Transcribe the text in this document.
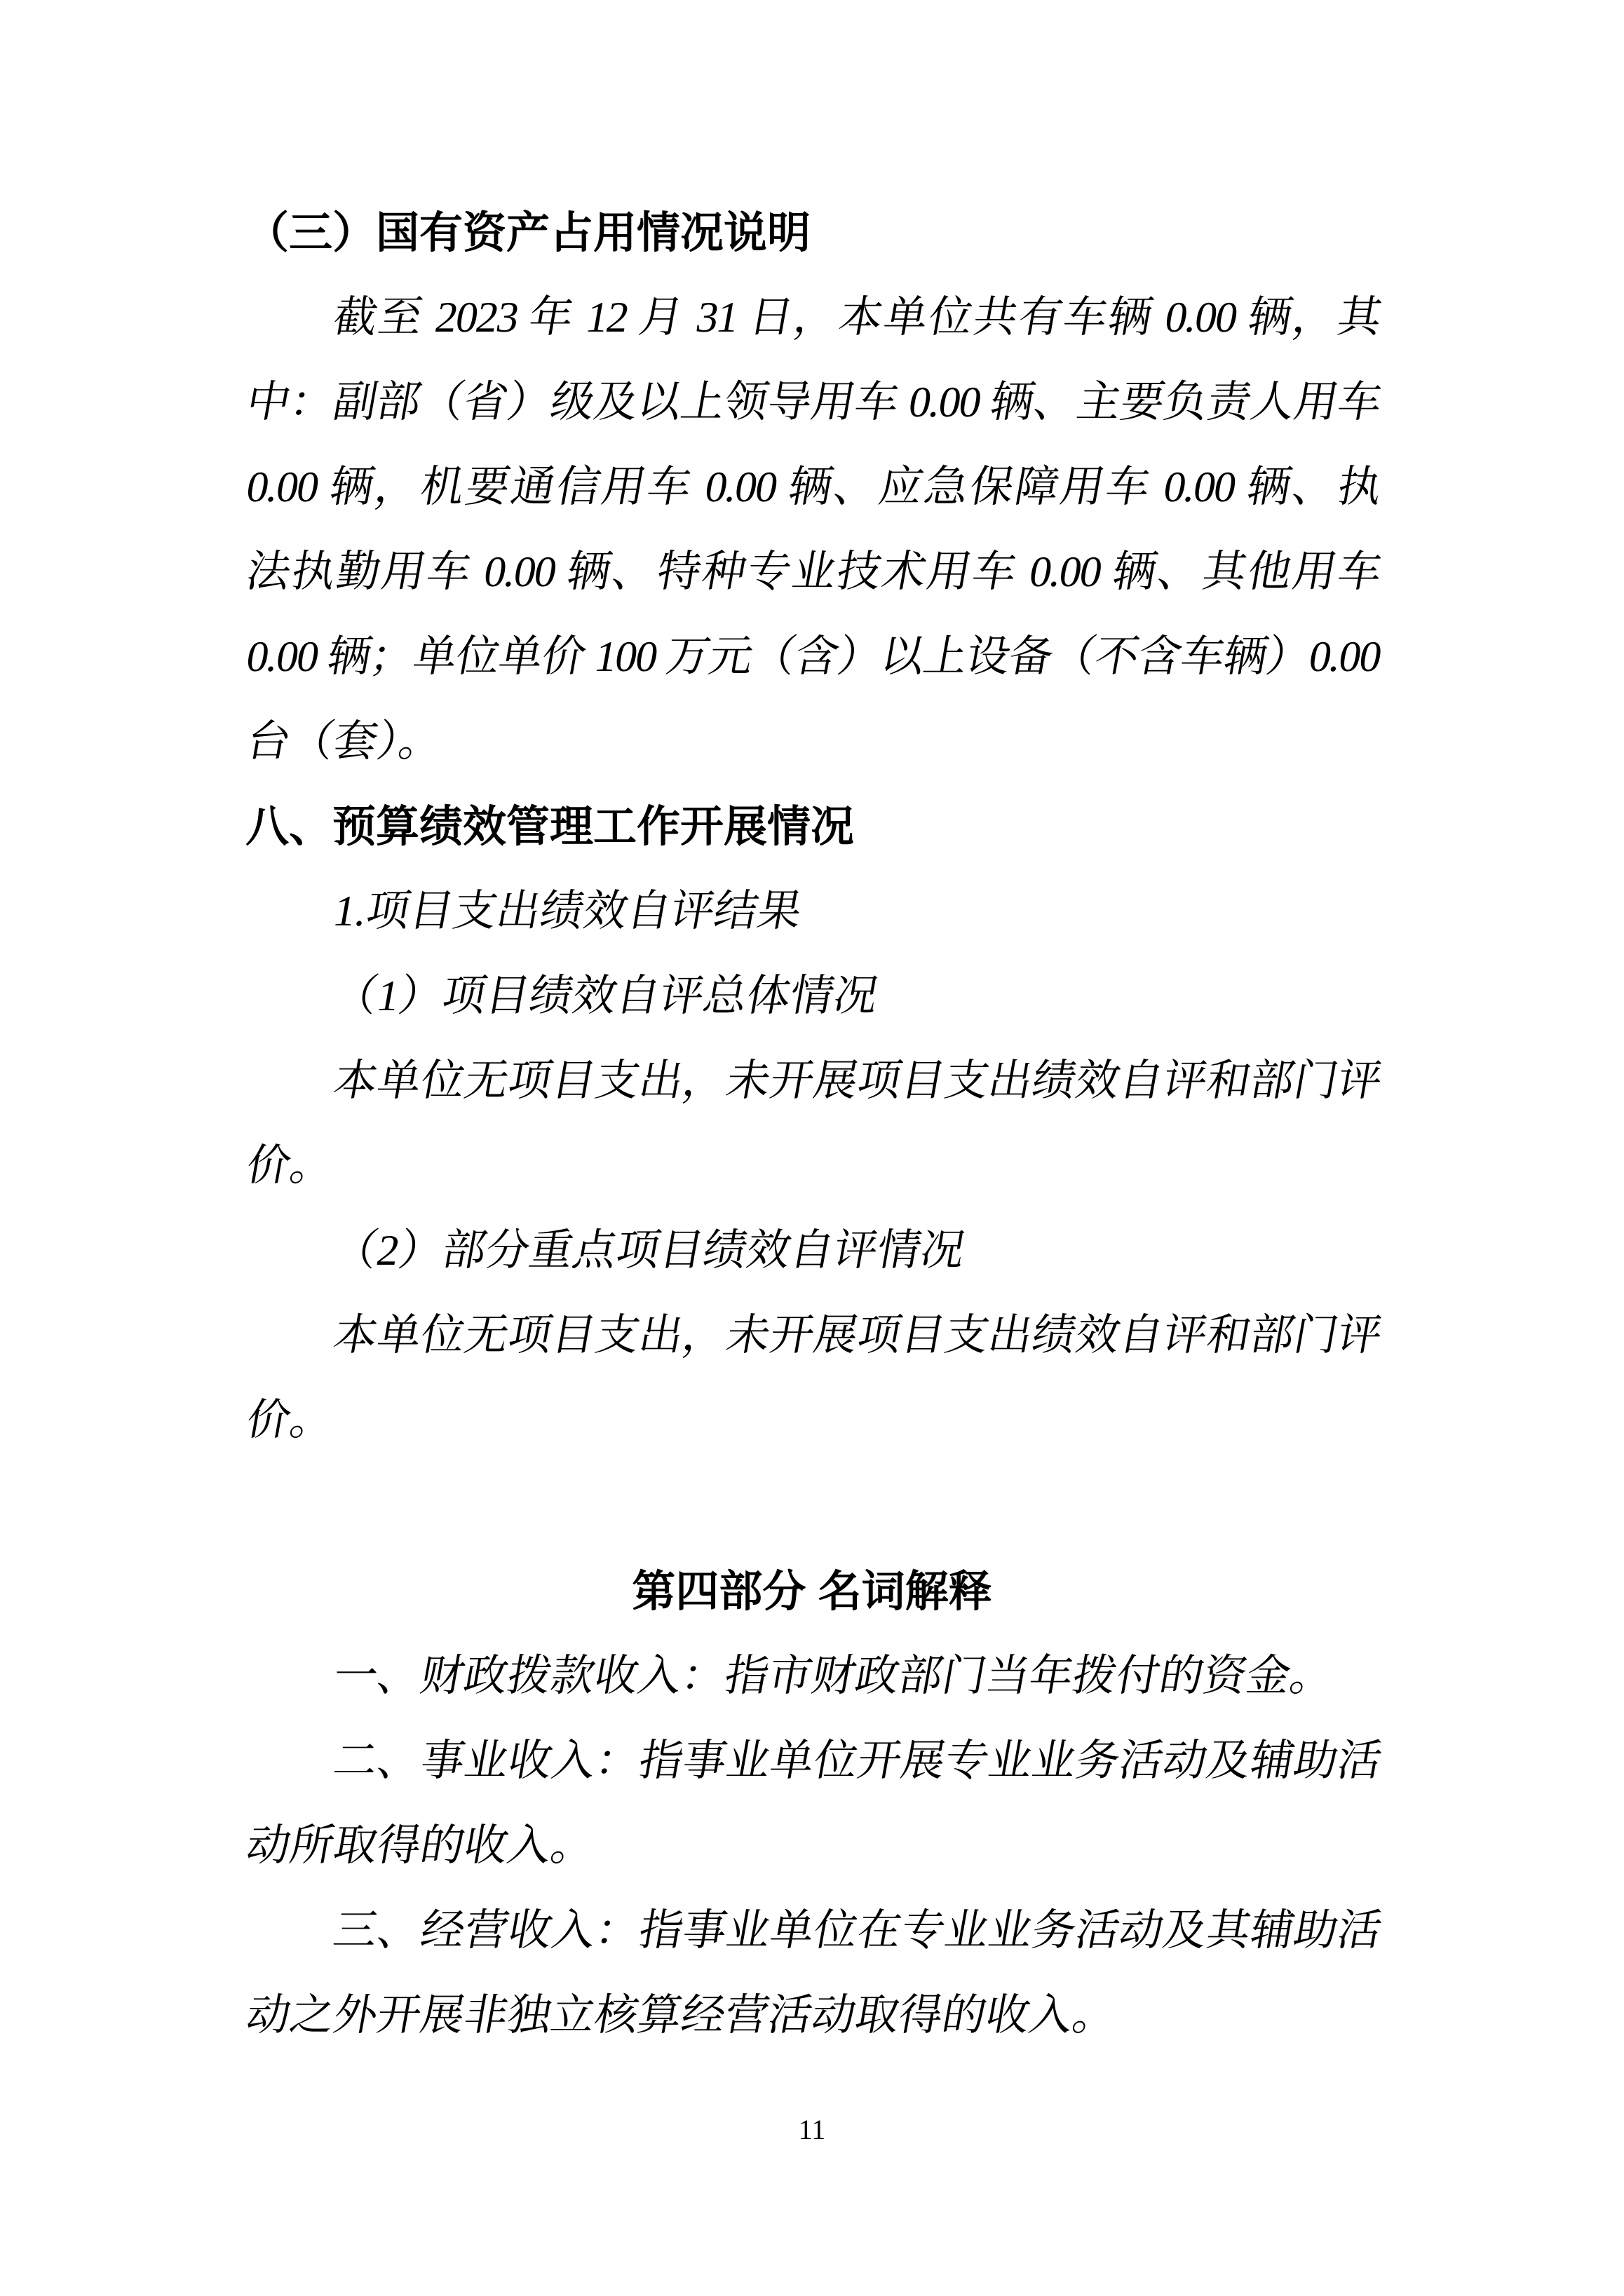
（三）国有资产占用情况说明
截至 2023 年 12 月 31 日，本单位共有车辆 0.00 辆，其
中：副部（省）级及以上领导用车 0.00 辆、主要负责人用车
0.00 辆，机要通信用车 0.00 辆、应急保障用车 0.00 辆、执
法执勤用车 0.00 辆、特种专业技术用车 0.00 辆、其他用车
0.00 辆；单位单价 100 万元（含）以上设备（不含车辆）0.00
台（套）。
八、预算绩效管理工作开展情况
1.项目支出绩效自评结果
（1）项目绩效自评总体情况
本单位无项目支出，未开展项目支出绩效自评和部门评
价。
（2）部分重点项目绩效自评情况
本单位无项目支出，未开展项目支出绩效自评和部门评
价。
第四部分 名词解释
一、财政拨款收入：指市财政部门当年拨付的资金。
二、事业收入：指事业单位开展专业业务活动及辅助活
动所取得的收入。
三、经营收入：指事业单位在专业业务活动及其辅助活
动之外开展非独立核算经营活动取得的收入。
11
